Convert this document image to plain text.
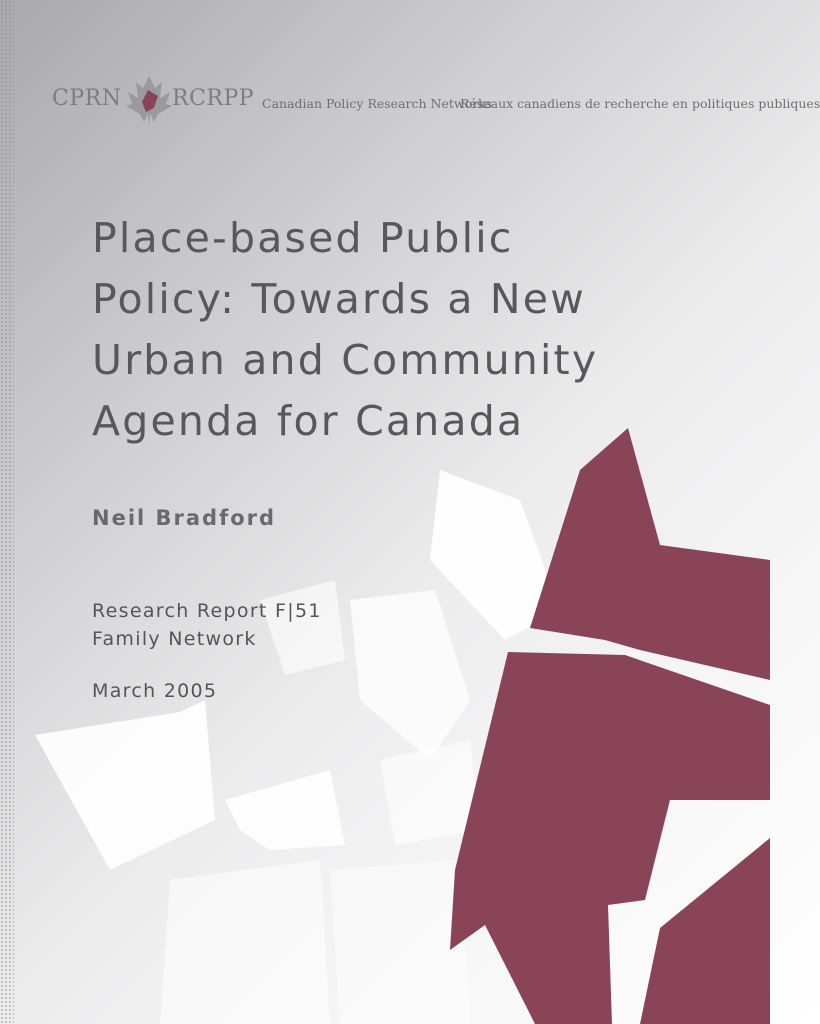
CPRN RCRPP Canadian Policy Research Networks
Réseaux canadiens de recherche en politiques publiques
Place-based Public
Policy: Towards a New
Urban and Community
Agenda for Canada

Neil Bradford

Research Report F|51
Family Network
March 2005
